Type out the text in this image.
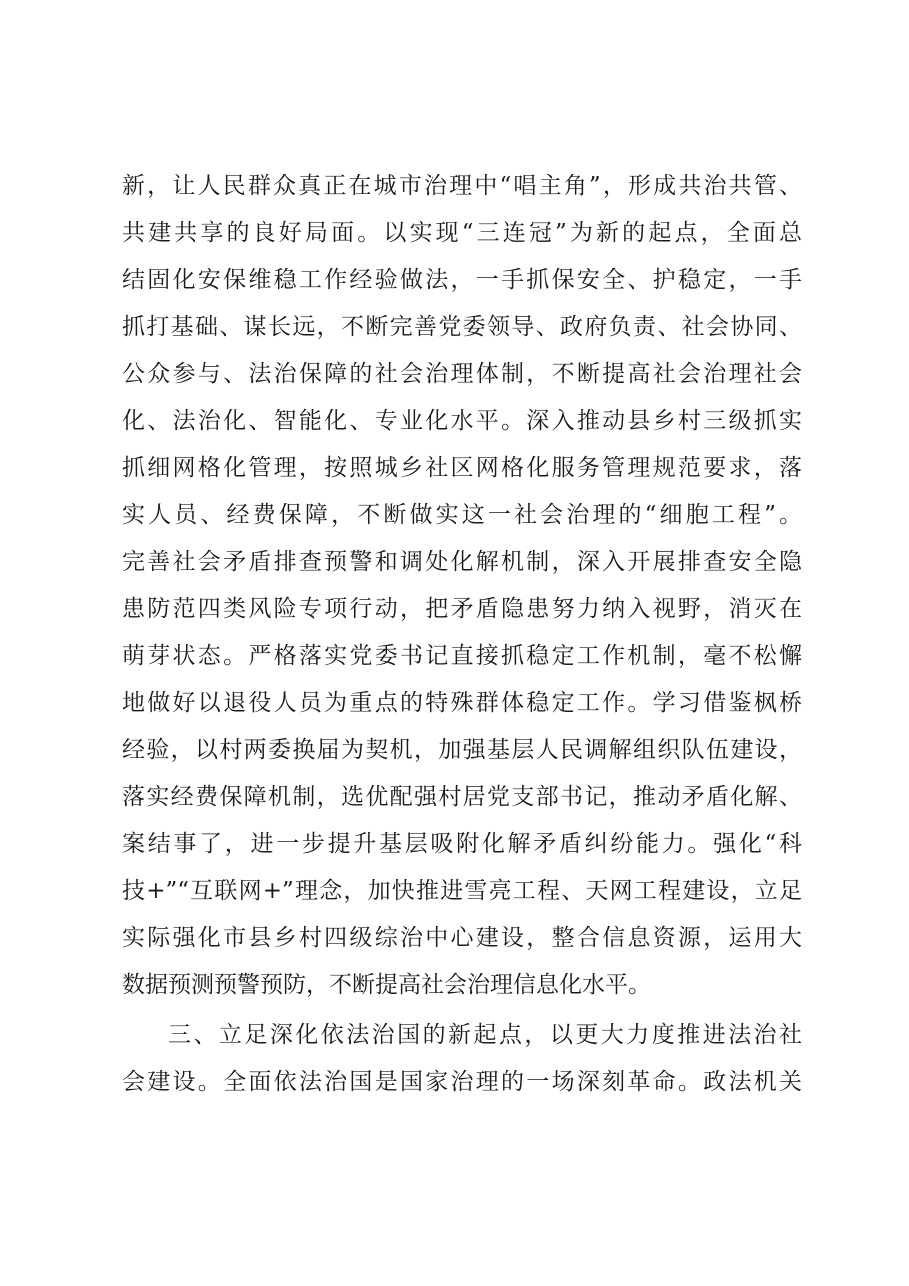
新，让人民群众真正在城市治理中“唱主角”，形成共治共管、
共建共享的良好局面。以实现“三连冠”为新的起点，全面总
结固化安保维稳工作经验做法，一手抓保安全、护稳定，一手
抓打基础、谋长远，不断完善党委领导、政府负责、社会协同、
公众参与、法治保障的社会治理体制，不断提高社会治理社会
化、法治化、智能化、专业化水平。深入推动县乡村三级抓实
抓细网格化管理，按照城乡社区网格化服务管理规范要求，落
实人员、经费保障，不断做实这一社会治理的“细胞工程”。
完善社会矛盾排查预警和调处化解机制，深入开展排查安全隐
患防范四类风险专项行动，把矛盾隐患努力纳入视野，消灭在
萌芽状态。严格落实党委书记直接抓稳定工作机制，毫不松懈
地做好以退役人员为重点的特殊群体稳定工作。学习借鉴枫桥
经验，以村两委换届为契机，加强基层人民调解组织队伍建设，
落实经费保障机制，选优配强村居党支部书记，推动矛盾化解、
案结事了，进一步提升基层吸附化解矛盾纠纷能力。强化“科
技+”“互联网+”理念，加快推进雪亮工程、天网工程建设，立足
实际强化市县乡村四级综治中心建设，整合信息资源，运用大
数据预测预警预防，不断提高社会治理信息化水平。
三、立足深化依法治国的新起点，以更大力度推进法治社
会建设。全面依法治国是国家治理的一场深刻革命。政法机关
